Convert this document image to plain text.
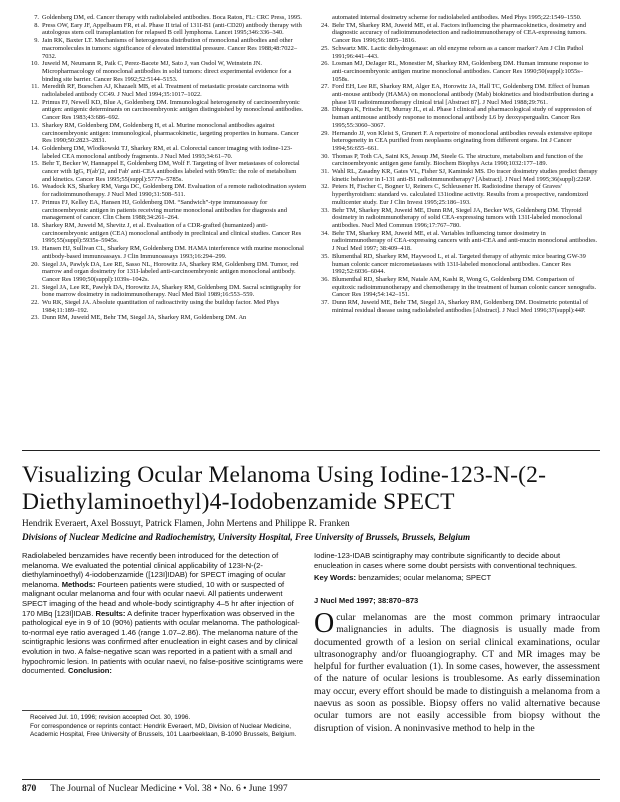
7. Goldenberg DM, ed. Cancer therapy with radiolabeled antibodies. Boca Raton, FL: CRC Press, 1995.
8. Press OW, Eary JF, Appelbaum FR, et al. Phase II trial of 131I-B1 (anti-CD20) antibody therapy with autologous stem cell transplantation for relapsed B cell lymphoma. Lancet 1995;346:336–340.
9. Jain RK, Baxter LT. Mechanisms of heterogenous distribution of monoclonal antibodies and other macromolecules in tumors: significance of elevated interstitial pressure. Cancer Res 1988;48:7022–7032.
10. Juweid M, Neumann R, Paik C, Perez-Bacete MJ, Sato J, van Osdol W, Weinstein JN. Micropharmacology of monoclonal antibodies in solid tumors: direct experimental evidence for a binding site barrier. Cancer Res 1992;52:5144–5153.
11. Meredith RF, Bueschen AJ, Khazaeli MB, et al. Treatment of metastatic prostate carcinoma with radiolabeled antibody CC49. J Nucl Med 1994;35:1017–1022.
12. Primus FJ, Newell KD, Blue A, Goldenberg DM. Immunological heterogeneity of carcinoembryonic antigen: antigenic determinants on carcinoembryonic antigen distinguished by monoclonal antibodies. Cancer Res 1983;43:686–692.
13. Sharkey RM, Goldenberg DM, Goldenberg H, et al. Murine monoclonal antibodies against carcinoembryonic antigen: immunological, pharmacokinetic, targeting properties in humans. Cancer Res 1990;50:2823–2831.
14. Goldenberg DM, Wlodkowski TJ, Sharkey RM, et al. Colorectal cancer imaging with iodine-123-labeled CEA monoclonal antibody fragments. J Nucl Med 1993;34:61–70.
15. Behr T, Becker W, Hannappel E, Goldenberg DM, Wolf F. Targeting of liver metastases of colorectal cancer with IgG, F(ab')2, and Fab' anti-CEA antibodies labeled with 99mTc: the role of metabolism and kinetics. Cancer Res 1995;55(suppl):5777s–5785s.
16. Weadock KS, Sharkey RM, Varga DC, Goldenberg DM. Evaluation of a remote radioiodination system for radioimmunotherapy. J Nucl Med 1990;31:508–511.
17. Primus FJ, Kelley EA, Hansen HJ, Goldenberg DM. “Sandwich”-type immunoassay for carcinoembryonic antigen in patients receiving murine monoclonal antibodies for diagnosis and management of cancer. Clin Chem 1988;34:261–264.
18. Sharkey RM, Juweid M, Shevitz J, et al. Evaluation of a CDR-grafted (humanized) anti-carcinoembryonic antigen (CEA) monoclonal antibody in preclinical and clinical studies. Cancer Res 1995;55(suppl):5935s–5945s.
19. Hansen HJ, Sullivan CL, Sharkey RM, Goldenberg DM. HAMA interference with murine monoclonal antibody-based immunoassays. J Clin Immunoassays 1993;16:294–299.
20. Siegel JA, Pawlyk DA, Lee RE, Sasso NL, Horowitz JA, Sharkey RM, Goldenberg DM. Tumor, red marrow and organ dosimetry for 131I-labeled anti-carcinoembryonic antigen monoclonal antibody. Cancer Res 1990;50(suppl):1039s–1042s.
21. Siegel JA, Lee RE, Pawlyk DA, Horowitz JA, Sharkey RM, Goldenberg DM. Sacral scintigraphy for bone marrow dosimetry in radioimmunotherapy. Nucl Med Biol 1989;16:553–559.
22. Wu RK, Siegel JA. Absolute quantitation of radioactivity using the buildup factor. Med Phys 1984;11:189–192.
23. Dunn RM, Juweid ME, Behr TM, Siegel JA, Sharkey RM, Goldenberg DM. An
automated internal dosimetry scheme for radiolabeled antibodies. Med Phys 1995;22:1549–1550.
24. Behr TM, Sharkey RM, Juweid ME, et al. Factors influencing the pharmacokinetics, dosimetry and diagnostic accuracy of radioimmunodetection and radioimmunotherapy of CEA-expressing tumors. Cancer Res 1996;56:1805–1816.
25. Schwartz MK. Lactic dehydrogenase: an old enzyme reborn as a cancer marker? Am J Clin Pathol 1991;96:441–443.
26. Losman MJ, DeJager RL, Monestier M, Sharkey RM, Goldenberg DM. Human immune response to anti-carcinoembryonic antigen murine monoclonal antibodies. Cancer Res 1990;50(suppl):1055s–1058s.
27. Ford EH, Lee RE, Sharkey RM, Alger EA, Horowitz JA, Hall TC, Goldenberg DM. Effect of human anti-mouse antibody (HAMA) on monoclonal antibody (Mab) biokinetics and biodistribution during a phase I/II radioimmunotherapy clinical trial [Abstract 87]. J Nucl Med 1988;29:761.
28. Dhingra K, Fritsche H, Murray JL, et al. Phase I clinical and pharmacological study of suppression of human antimouse antibody response to monoclonal antibody L6 by deoxyspergualin. Cancer Res 1995;55:3060–3067.
29. Hernando JJ, von Kleist S, Grunert F. A repertoire of monoclonal antibodies reveals extensive epitope heterogeneity in CEA purified from neoplasms originating from different organs. Int J Cancer 1994;56:655–661.
30. Thomas P, Toth CA, Saini KS, Jessup JM, Steele G. The structure, metabolism and function of the carcinoembryonic antigen gene family. Biochem Biophys Acta 1990;1032:177–189.
31. Wahl RL, Zasadny KR, Gates VL, Fisher SJ, Kaminski MS. Do tracer dosimetry studies predict therapy kinetic behavior in I-131 anti-B1 radioimmunotherapy? [Abstract]. J Nucl Med 1995;36(suppl):226P.
32. Peters H, Fischer C, Bogner U, Reiners C, Schleusener H. Radioiodine therapy of Graves' hyperthyroidism: standard vs. calculated 131iodine activity. Results from a prospective, randomized multicenter study. Eur J Clin Invest 1995;25:186–193.
33. Behr TM, Sharkey RM, Juweid ME, Dunn RM, Siegel JA, Becker WS, Goldenberg DM. Thyroid dosimetry in radioimmunotherapy of solid CEA-expressing tumors with 131I-labeled monoclonal antibodies. Nucl Med Commun 1996;17:767–780.
34. Behr TM, Sharkey RM, Juweid ME, et al. Variables influencing tumor dosimetry in radioimmunotherapy of CEA-expressing cancers with anti-CEA and anti-mucin monoclonal antibodies. J Nucl Med 1997; 38:409–418.
35. Blumenthal RD, Sharkey RM, Haywood L, et al. Targeted therapy of athymic mice bearing GW-39 human colonic cancer micrometastases with 131I-labeled monoclonal antibodies. Cancer Res 1992;52:6036–6044.
36. Blumenthal RD, Sharkey RM, Natale AM, Kashi R, Wong G, Goldenberg DM. Comparison of equitoxic radioimmunotherapy and chemotherapy in the treatment of human colonic cancer xenografts. Cancer Res 1994;54:142–151.
37. Dunn RM, Juweid ME, Behr TM, Siegel JA, Sharkey RM, Goldenberg DM. Dosimetric potential of minimal residual disease using radiolabeled antibodies [Abstract]. J Nucl Med 1996;37(suppl):44P.
Visualizing Ocular Melanoma Using Iodine-123-N-(2-Diethylaminoethyl)4-Iodobenzamide SPECT
Hendrik Everaert, Axel Bossuyt, Patrick Flamen, John Mertens and Philippe R. Franken
Divisions of Nuclear Medicine and Radiochemistry, University Hospital, Free University of Brussels, Brussels, Belgium
Radiolabeled benzamides have recently been introduced for the detection of melanoma. We evaluated the potential clinical applicability of 123I-N-(2-diethylaminoethyl) 4-iodobenzamide ([123I]IDAB) for SPECT imaging of ocular melanoma. Methods: Fourteen patients were studied, 10 with or suspected of malignant ocular melanoma and four with ocular naevi. All patients underwent SPECT imaging of the head and whole-body scintigraphy 4–5 hr after injection of 170 MBq [123I]IDAB. Results: A definite tracer hyperfixation was observed in the pathological eye in 9 of 10 (90%) patients with ocular melanoma. The pathological-to-normal eye ratio averaged 1.46 (range 1.07–2.86). The melanoma nature of the scintigraphic lesions was confirmed after enucleation in eight cases and by clinical evolution in two. A false-negative scan was reported in a patient with a small and hypochromic lesion. In patients with ocular naevi, no false-positive scintigrams were documented. Conclusion:
Iodine-123-IDAB scintigraphy may contribute significantly to decide about enucleation in cases where some doubt persists with conventional techniques.
Key Words: benzamides; ocular melanoma; SPECT
J Nucl Med 1997; 38:870–873
Ocular melanomas are the most common primary intraocular malignancies in adults. The diagnosis is usually made from documented growth of a lesion on serial clinical examinations, ocular ultrasonography and/or fluoangiography. CT and MR images may be helpful for further evaluation (1). In some cases, however, the assessment of the nature of ocular lesions is troublesome. As early dissemination may occur, every effort should be made to distinguish a melanoma from a naevus as soon as possible. Biopsy offers no valid alternative because ocular tumors are not easily accessible from biopsy without the disruption of vision. A noninvasive method to help in the

Received Jul. 10, 1996; revision accepted Oct. 30, 1996.

For correspondence or reprints contact: Hendrik Everaert, MD, Division of Nuclear Medicine, Academic Hospital, Free University of Brussels, 101 Laarbeeklaan, B-1090 Brussels, Belgium.

870 The Journal of Nuclear Medicine • Vol. 38 • No. 6 • June 1997
